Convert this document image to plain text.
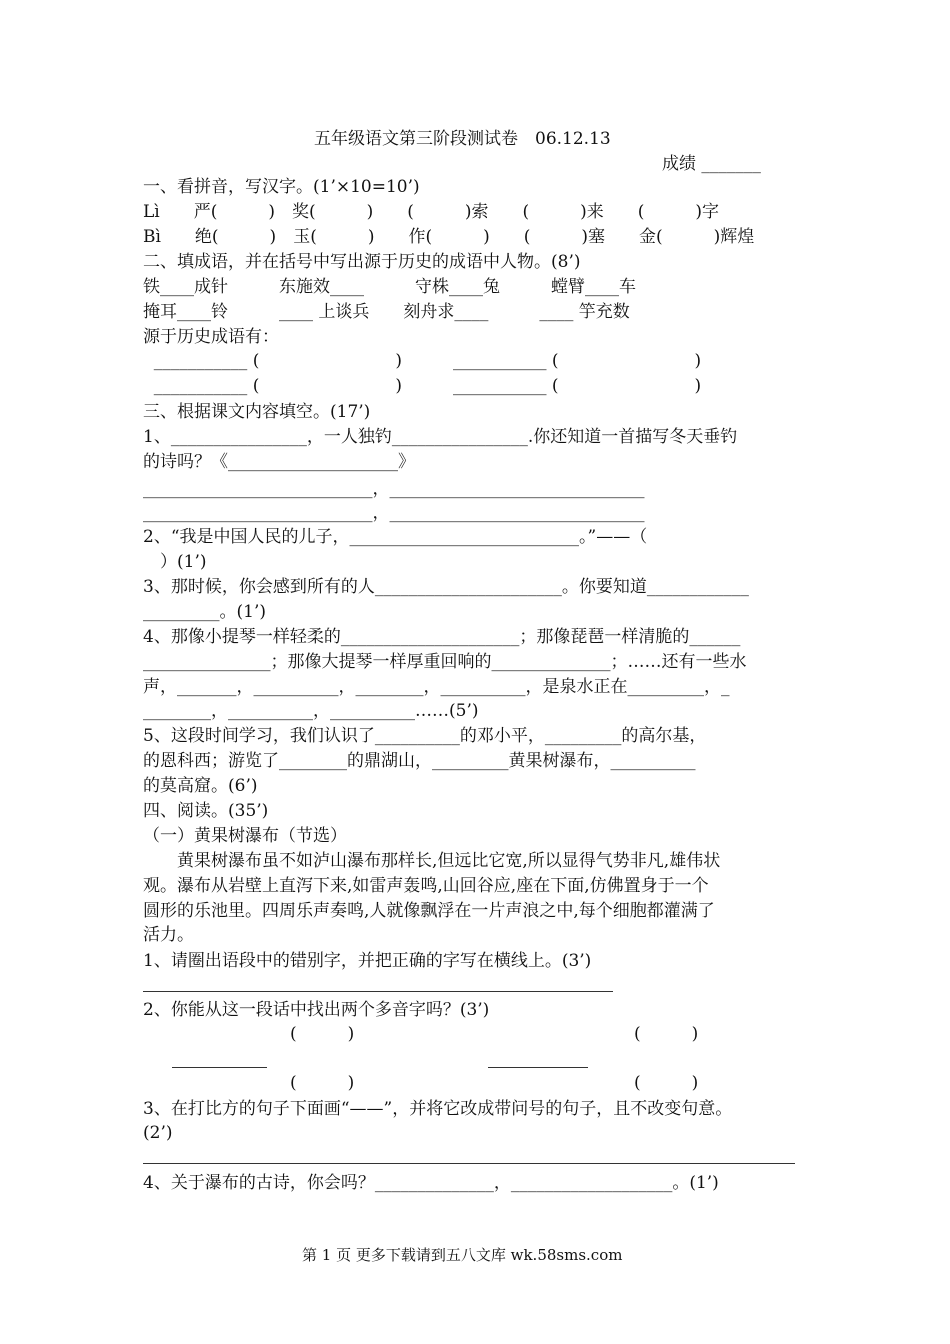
五年级语文第三阶段测试卷　06.12.13
成绩 _______
一、看拼音，写汉字。(1’×10=10’)
Lì　　严(　　　)　奖(　　　)　　(　　　)索　　(　　　)来　　(　　　)字
Bì　　绝(　　　)　玉(　　　)　　作(　　　)　　(　　　)塞　　金(　　　)辉煌
二、填成语，并在括号中写出源于历史的成语中人物。(8’)
铁____成针　　　东施效____　　　守株____兔　　　螳臂____车
掩耳____铃　　　____ 上谈兵　　刻舟求____　　　____ 竽充数
源于历史成语有：
___________ (　　　　　　　　)　　　___________ (　　　　　　　　)
___________ (　　　　　　　　)　　　___________ (　　　　　　　　)
三、根据课文内容填空。(17’)
1、________________，一人独钓________________.你还知道一首描写冬天垂钓
的诗吗？《____________________》
___________________________，______________________________
___________________________，______________________________
2、“我是中国人民的儿子，___________________________。”——（
　）(1’)
3、那时候，你会感到所有的人______________________。你要知道____________
_________。(1’)
4、那像小提琴一样轻柔的_____________________；那像琵琶一样清脆的______
_______________；那像大提琴一样厚重回响的______________；……还有一些水
声，_______，__________，________，__________，是泉水正在_________，_
________，__________，__________……(5’)
5、这段时间学习，我们认识了__________的邓小平，_________的高尔基，
的恩科西；游览了________的鼎湖山，_________黄果树瀑布，__________
的莫高窟。(6’)
四、阅读。(35’)
（一）黄果树瀑布（节选）
　　黄果树瀑布虽不如泸山瀑布那样长,但远比它宽,所以显得气势非凡,雄伟状
观。瀑布从岩壁上直泻下来,如雷声轰鸣,山回谷应,座在下面,仿佛置身于一个
圆形的乐池里。四周乐声奏鸣,人就像飘浮在一片声浪之中,每个细胞都灌满了
活力。
1、请圈出语段中的错别字，并把正确的字写在横线上。(3’)
2、你能从这一段话中找出两个多音字吗？(3’)
(　　　)	(　　　)
(　　　)	(　　　)
3、在打比方的句子下面画“——”，并将它改成带问号的句子，且不改变句意。
(2’)
4、关于瀑布的古诗，你会吗？______________，___________________。(1’)
第 1 页 更多下载请到五八文库 wk.58sms.com
